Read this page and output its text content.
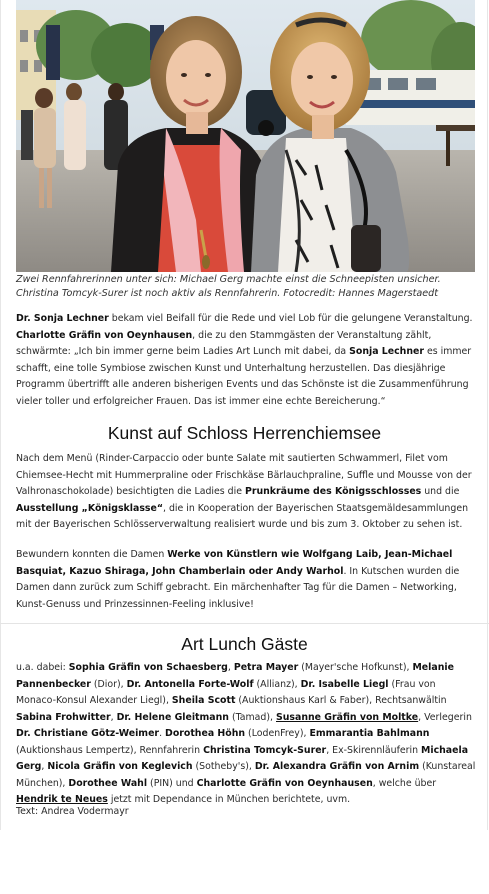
Zwei Rennfahrerinnen unter sich: Michael Gerg machte einst die Schneepisten unsicher. Christina Tomcyk-Surer ist noch aktiv als Rennfahrerin. Fotocredit: Hannes Magerstaedt
Dr. Sonja Lechner bekam viel Beifall für die Rede und viel Lob für die gelungene Veranstaltung. Charlotte Gräfin von Oeynhausen, die zu den Stammgästen der Veranstaltung zählt, schwärmte: „Ich bin immer gerne beim Ladies Art Lunch mit dabei, da Sonja Lechner es immer schafft, eine tolle Symbiose zwischen Kunst und Unterhaltung herzustellen. Das diesjährige Programm übertrifft alle anderen bisherigen Events und das Schönste ist die Zusammenführung vieler toller und erfolgreicher Frauen. Das ist immer eine echte Bereicherung.“
Kunst auf Schloss Herrenchiemsee
Nach dem Menü (Rinder-Carpaccio oder bunte Salate mit sautierten Schwammerl, Filet vom Chiemsee-Hecht mit Hummerpraline oder Frischkäse Bärlauchpraline, Suffle und Mousse von der Valhronaschokolade) besichtigten die Ladies die Prunkräume des Königsschlosses und die Ausstellung „Königsklasse“, die in Kooperation der Bayerischen Staatsgemäldesammlungen mit der Bayerischen Schlösserverwaltung realisiert wurde und bis zum 3. Oktober zu sehen ist.
Bewundern konnten die Damen Werke von Künstlern wie Wolfgang Laib, Jean-Michael Basquiat, Kazuo Shiraga, John Chamberlain oder Andy Warhol. In Kutschen wurden die Damen dann zurück zum Schiff gebracht. Ein märchenhafter Tag für die Damen – Networking, Kunst-Genuss und Prinzessinnen-Feeling inklusive!
Art Lunch Gäste
u.a. dabei: Sophia Gräfin von Schaesberg, Petra Mayer (Mayer'sche Hofkunst), Melanie Pannenbecker (Dior), Dr. Antonella Forte-Wolf (Allianz), Dr. Isabelle Liegl (Frau von Monaco-Konsul Alexander Liegl), Sheila Scott (Auktionshaus Karl & Faber), Rechtsanwältin Sabina Frohwitter, Dr. Helene Gleitmann (Tamad), Susanne Gräfin von Moltke, Verlegerin Dr. Christiane Götz-Weimer. Dorothea Höhn (LodenFrey), Emmarantia Bahlmann (Auktionshaus Lempertz), Rennfahrerin Christina Tomcyk-Surer, Ex-Skirennläuferin Michaela Gerg, Nicola Gräfin von Keglevich (Sotheby's), Dr. Alexandra Gräfin von Arnim (Kunstareal München), Dorothee Wahl (PIN) und Charlotte Gräfin von Oeynhausen, welche über Hendrik te Neues jetzt mit Dependance in München berichtete, uvm.
Text: Andrea Vodermayr
